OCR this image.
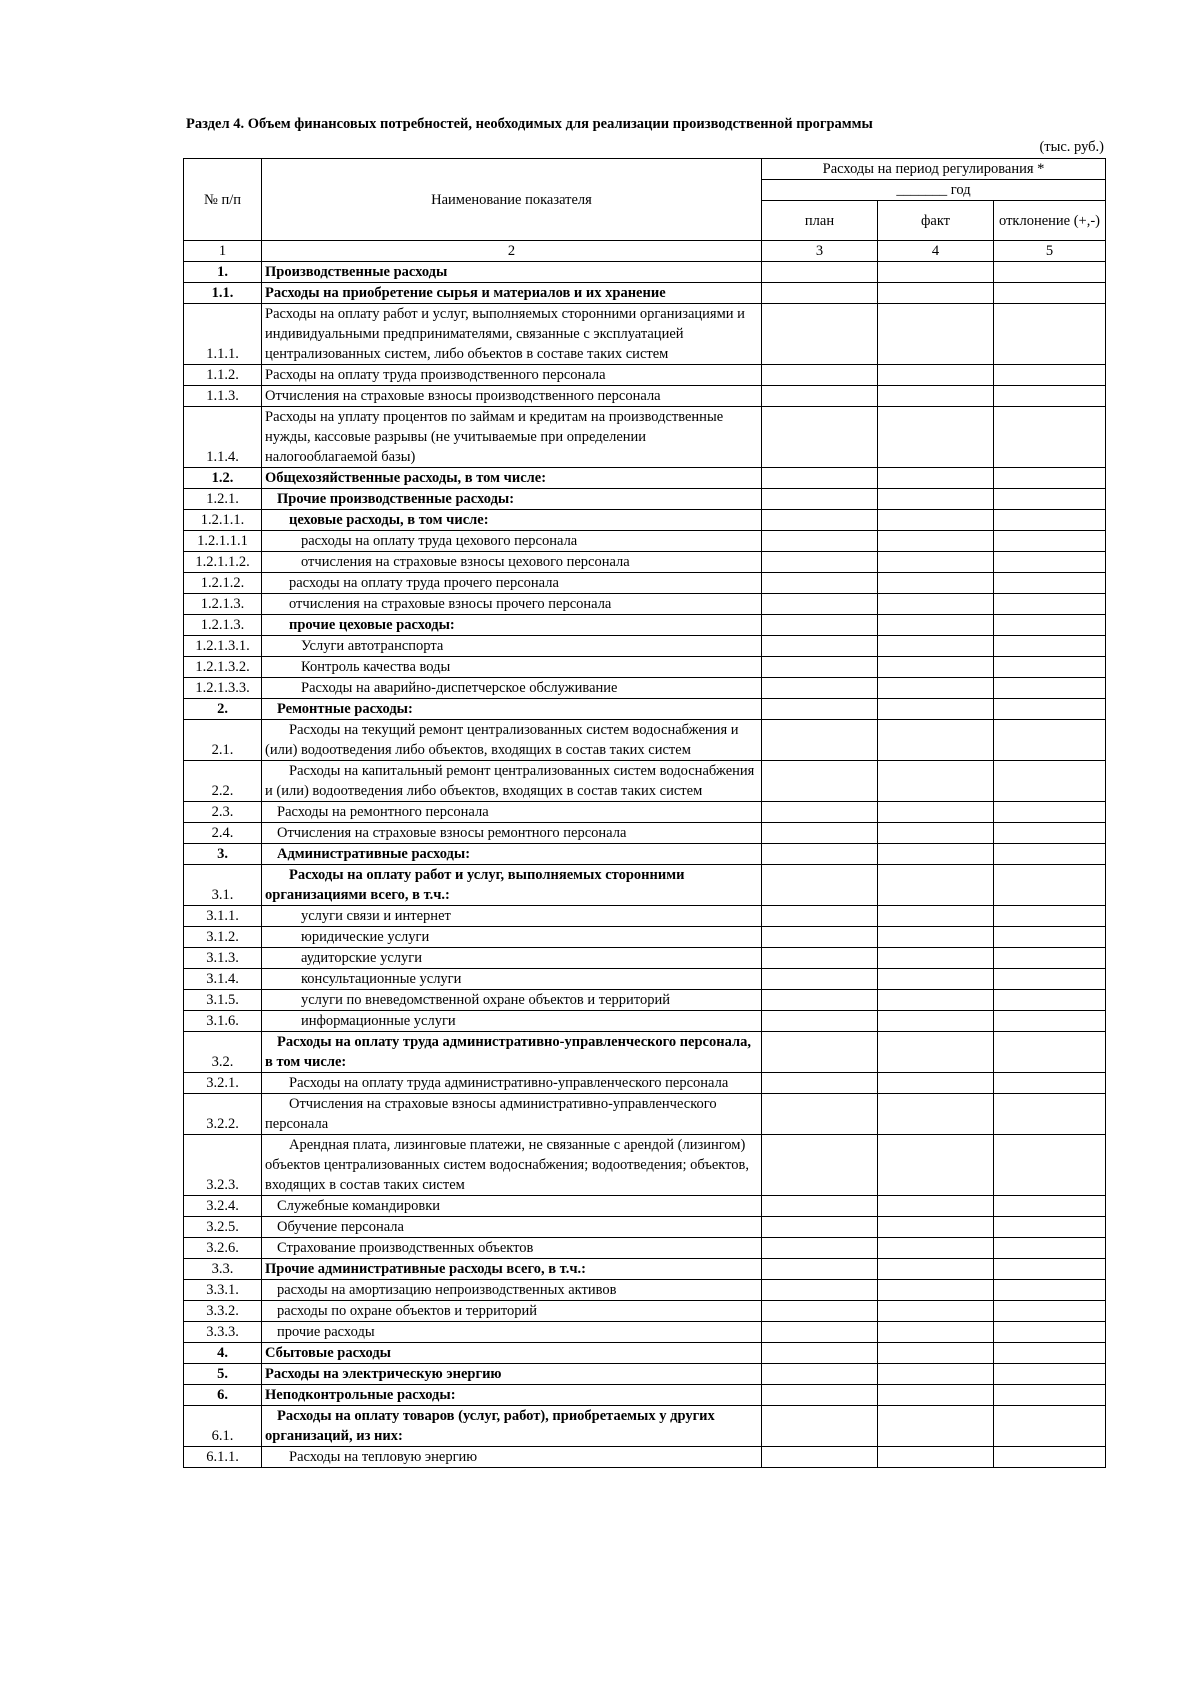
Раздел 4. Объем финансовых потребностей, необходимых для реализации производственной программы
(тыс. руб.)
№ п/п	Наименование показателя	Расходы на период регулирования *		
		_______ год		
		план	факт	отклонение (+,-)
1	2	3	4	5
1.	Производственные расходы			
1.1.	Расходы на приобретение сырья и материалов и их хранение			
1.1.1.	Расходы на оплату работ и услуг, выполняемых сторонними организациями и индивидуальными предпринимателями, связанные с эксплуатацией централизованных систем, либо объектов в составе таких систем			
1.1.2.	Расходы на оплату труда производственного персонала			
1.1.3.	Отчисления на страховые взносы производственного персонала			
1.1.4.	Расходы на уплату процентов по займам и кредитам на производственные нужды, кассовые разрывы (не учитываемые при определении налогооблагаемой базы)			
1.2.	Общехозяйственные расходы, в том числе:			
1.2.1.	Прочие производственные расходы:			
1.2.1.1.	цеховые расходы, в том числе:			
1.2.1.1.1	расходы на оплату труда цехового персонала			
1.2.1.1.2.	отчисления на страховые взносы цехового персонала			
1.2.1.2.	расходы на оплату труда прочего персонала			
1.2.1.3.	отчисления на страховые взносы прочего персонала			
1.2.1.3.	прочие цеховые расходы:			
1.2.1.3.1.	Услуги автотранспорта			
1.2.1.3.2.	Контроль качества воды			
1.2.1.3.3.	Расходы на аварийно-диспетчерское обслуживание			
2.	Ремонтные расходы:			
2.1.	Расходы на текущий ремонт централизованных систем водоснабжения и (или) водоотведения либо объектов, входящих в состав таких систем			
2.2.	Расходы на капитальный ремонт централизованных систем водоснабжения и (или) водоотведения либо объектов, входящих в состав таких систем			
2.3.	Расходы на ремонтного персонала			
2.4.	Отчисления на страховые взносы ремонтного персонала			
3.	Административные расходы:			
3.1.	Расходы на оплату работ и услуг, выполняемых сторонними организациями всего, в т.ч.:			
3.1.1.	услуги связи и интернет			
3.1.2.	юридические услуги			
3.1.3.	аудиторские услуги			
3.1.4.	консультационные услуги			
3.1.5.	услуги по вневедомственной охране объектов и территорий			
3.1.6.	информационные услуги			
3.2.	Расходы на оплату труда административно-управленческого персонала, в том числе:			
3.2.1.	Расходы на оплату труда административно-управленческого персонала			
3.2.2.	Отчисления на страховые взносы административно-управленческого персонала			
3.2.3.	Арендная плата, лизинговые платежи, не связанные с арендой (лизингом) объектов централизованных систем водоснабжения; водоотведения; объектов, входящих в состав таких систем			
3.2.4.	Служебные командировки			
3.2.5.	Обучение персонала			
3.2.6.	Страхование производственных объектов			
3.3.	Прочие административные расходы всего, в т.ч.:			
3.3.1.	расходы на амортизацию непроизводственных активов			
3.3.2.	расходы по охране объектов и территорий			
3.3.3.	прочие расходы			
4.	Сбытовые расходы			
5.	Расходы на электрическую энергию			
6.	Неподконтрольные расходы:			
6.1.	Расходы на оплату товаров (услуг, работ), приобретаемых у других организаций, из них:			
6.1.1.	Расходы на тепловую энергию			
